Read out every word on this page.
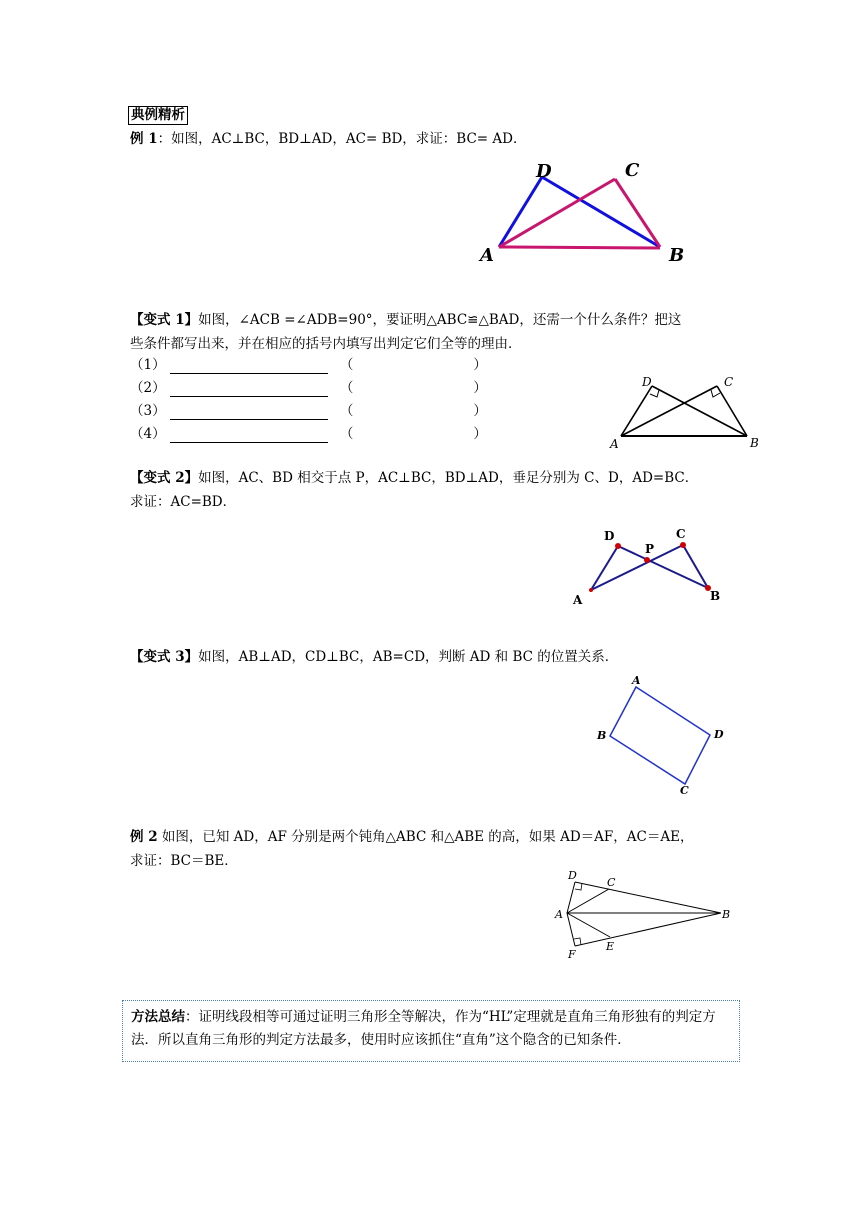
典例精析
例 1：如图，AC⊥BC，BD⊥AD，AC= BD，求证：BC= AD．
D	C
A	B
【变式 1】如图，∠ACB =∠ADB=90°，要证明△ABC≌△BAD，还需一个什么条件？把这
些条件都写出来，并在相应的括号内填写出判定它们全等的理由．
（1）	（	）
（2）	（	）
（3）	（	）
（4）	（	）
D	C
A	B
【变式 2】如图，AC、BD 相交于点 P，AC⊥BC，BD⊥AD，垂足分别为 C、D，AD=BC．
求证：AC=BD．
D
P
C
A	B
【变式 3】如图，AB⊥AD，CD⊥BC，AB=CD，判断 AD 和 BC 的位置关系．
A
B	D
C
例 2 如图，已知 AD，AF 分别是两个钝角△ABC 和△ABE 的高，如果 AD＝AF，AC＝AE，
求证：BC＝BE．
D
C
A	B
E
F
方法总结：证明线段相等可通过证明三角形全等解决，作为“HL”定理就是直角三角形独有的判定方法．所以直角三角形的判定方法最多，使用时应该抓住“直角”这个隐含的已知条件．
